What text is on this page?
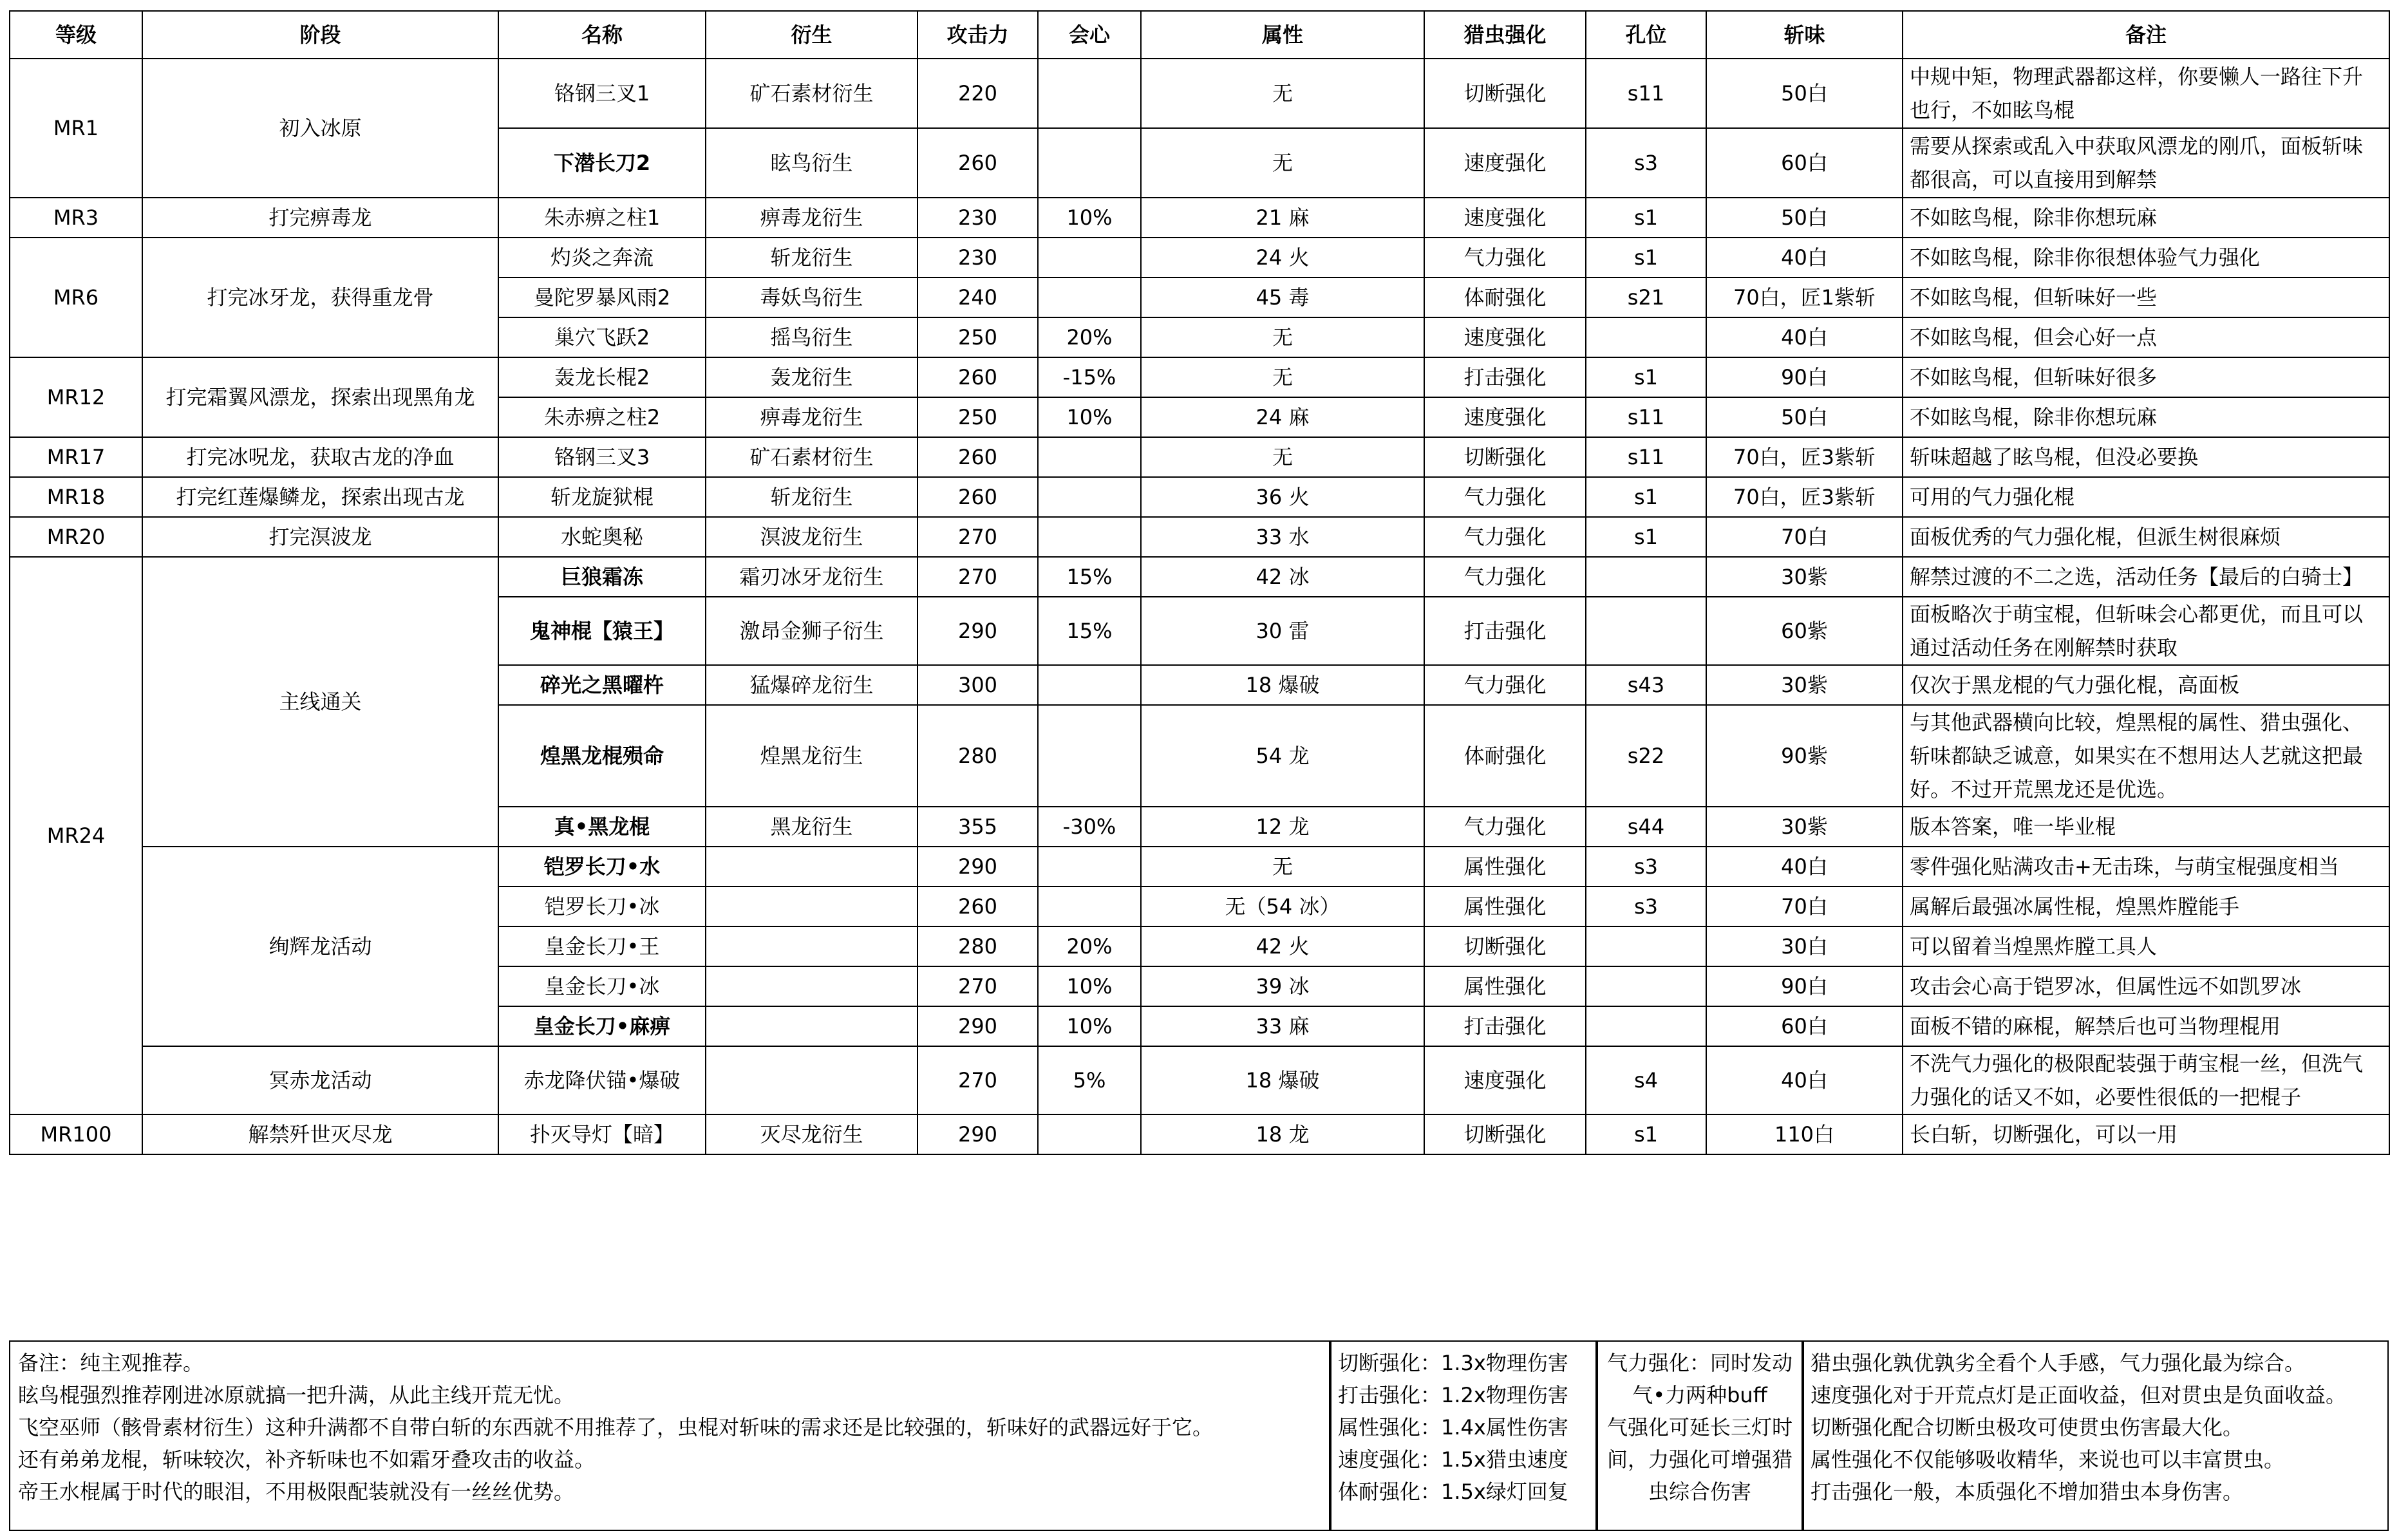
等级	阶段	名称	衍生	攻击力	会心	属性	猎虫强化	孔位	斩味	备注
MR1	初入冰原	铬钢三叉1	矿石素材衍生	220		无	切断强化	s11	50白	中规中矩，物理武器都这样，你要懒人一路往下升也行，不如眩鸟棍
		下潜长刀2	眩鸟衍生	260		无	速度强化	s3	60白	需要从探索或乱入中获取风漂龙的刚爪，面板斩味都很高，可以直接用到解禁
MR3	打完痹毒龙	朱赤痹之柱1	痹毒龙衍生	230	10%	21 麻	速度强化	s1	50白	不如眩鸟棍，除非你想玩麻
MR6	打完冰牙龙，获得重龙骨	灼炎之奔流	斩龙衍生	230		24 火	气力强化	s1	40白	不如眩鸟棍，除非你很想体验气力强化
		曼陀罗暴风雨2	毒妖鸟衍生	240		45 毒	体耐强化	s21	70白，匠1紫斩	不如眩鸟棍，但斩味好一些
		巢穴飞跃2	摇鸟衍生	250	20%	无	速度强化		40白	不如眩鸟棍，但会心好一点
MR12	打完霜翼风漂龙，探索出现黑角龙	轰龙长棍2	轰龙衍生	260	-15%	无	打击强化	s1	90白	不如眩鸟棍，但斩味好很多
		朱赤痹之柱2	痹毒龙衍生	250	10%	24 麻	速度强化	s11	50白	不如眩鸟棍，除非你想玩麻
MR17	打完冰呪龙，获取古龙的净血	铬钢三叉3	矿石素材衍生	260		无	切断强化	s11	70白，匠3紫斩	斩味超越了眩鸟棍，但没必要换
MR18	打完红莲爆鳞龙，探索出现古龙	斩龙旋狱棍	斩龙衍生	260		36 火	气力强化	s1	70白，匠3紫斩	可用的气力强化棍
MR20	打完溟波龙	水蛇奥秘	溟波龙衍生	270		33 水	气力强化	s1	70白	面板优秀的气力强化棍，但派生树很麻烦
MR24	主线通关	巨狼霜冻	霜刃冰牙龙衍生	270	15%	42 冰	气力强化		30紫	解禁过渡的不二之选，活动任务【最后的白骑士】
		鬼神棍【猿王】	激昂金狮子衍生	290	15%	30 雷	打击强化		60紫	面板略次于萌宝棍，但斩味会心都更优，而且可以通过活动任务在刚解禁时获取
		碎光之黑曜杵	猛爆碎龙衍生	300		18 爆破	气力强化	s43	30紫	仅次于黑龙棍的气力强化棍，高面板
		煌黑龙棍殒命	煌黑龙衍生	280		54 龙	体耐强化	s22	90紫	与其他武器横向比较，煌黑棍的属性、猎虫强化、斩味都缺乏诚意，如果实在不想用达人艺就这把最好。不过开荒黑龙还是优选。
		真•黑龙棍	黑龙衍生	355	-30%	12 龙	气力强化	s44	30紫	版本答案，唯一毕业棍
	绚辉龙活动	铠罗长刀•水		290		无	属性强化	s3	40白	零件强化贴满攻击+无击珠，与萌宝棍强度相当
		铠罗长刀•冰		260		无（54 冰）	属性强化	s3	70白	属解后最强冰属性棍，煌黑炸膛能手
		皇金长刀•王		280	20%	42 火	切断强化		30白	可以留着当煌黑炸膛工具人
		皇金长刀•冰		270	10%	39 冰	属性强化		90白	攻击会心高于铠罗冰，但属性远不如凯罗冰
		皇金长刀•麻痹		290	10%	33 麻	打击强化		60白	面板不错的麻棍，解禁后也可当物理棍用
	冥赤龙活动	赤龙降伏锚•爆破		270	5%	18 爆破	速度强化	s4	40白	不洗气力强化的极限配装强于萌宝棍一丝，但洗气力强化的话又不如，必要性很低的一把棍子
MR100	解禁歼世灭尽龙	扑灭导灯【暗】	灭尽龙衍生	290		18 龙	切断强化	s1	110白	长白斩，切断强化，可以一用
备注：纯主观推荐。
眩鸟棍强烈推荐刚进冰原就搞一把升满，从此主线开荒无忧。
飞空巫师（骸骨素材衍生）这种升满都不自带白斩的东西就不用推荐了，虫棍对斩味的需求还是比较强的，斩味好的武器远好于它。
还有弟弟龙棍，斩味较次，补齐斩味也不如霜牙叠攻击的收益。
帝王水棍属于时代的眼泪，不用极限配装就没有一丝丝优势。
切断强化：1.3x物理伤害
打击强化：1.2x物理伤害
属性强化：1.4x属性伤害
速度强化：1.5x猎虫速度
体耐强化：1.5x绿灯回复
气力强化：同时发动气•力两种buff
气强化可延长三灯时间，力强化可增强猎虫综合伤害
猎虫强化孰优孰劣全看个人手感，气力强化最为综合。
速度强化对于开荒点灯是正面收益，但对贯虫是负面收益。
切断强化配合切断虫极攻可使贯虫伤害最大化。
属性强化不仅能够吸收精华，来说也可以丰富贯虫。
打击强化一般，本质强化不增加猎虫本身伤害。
